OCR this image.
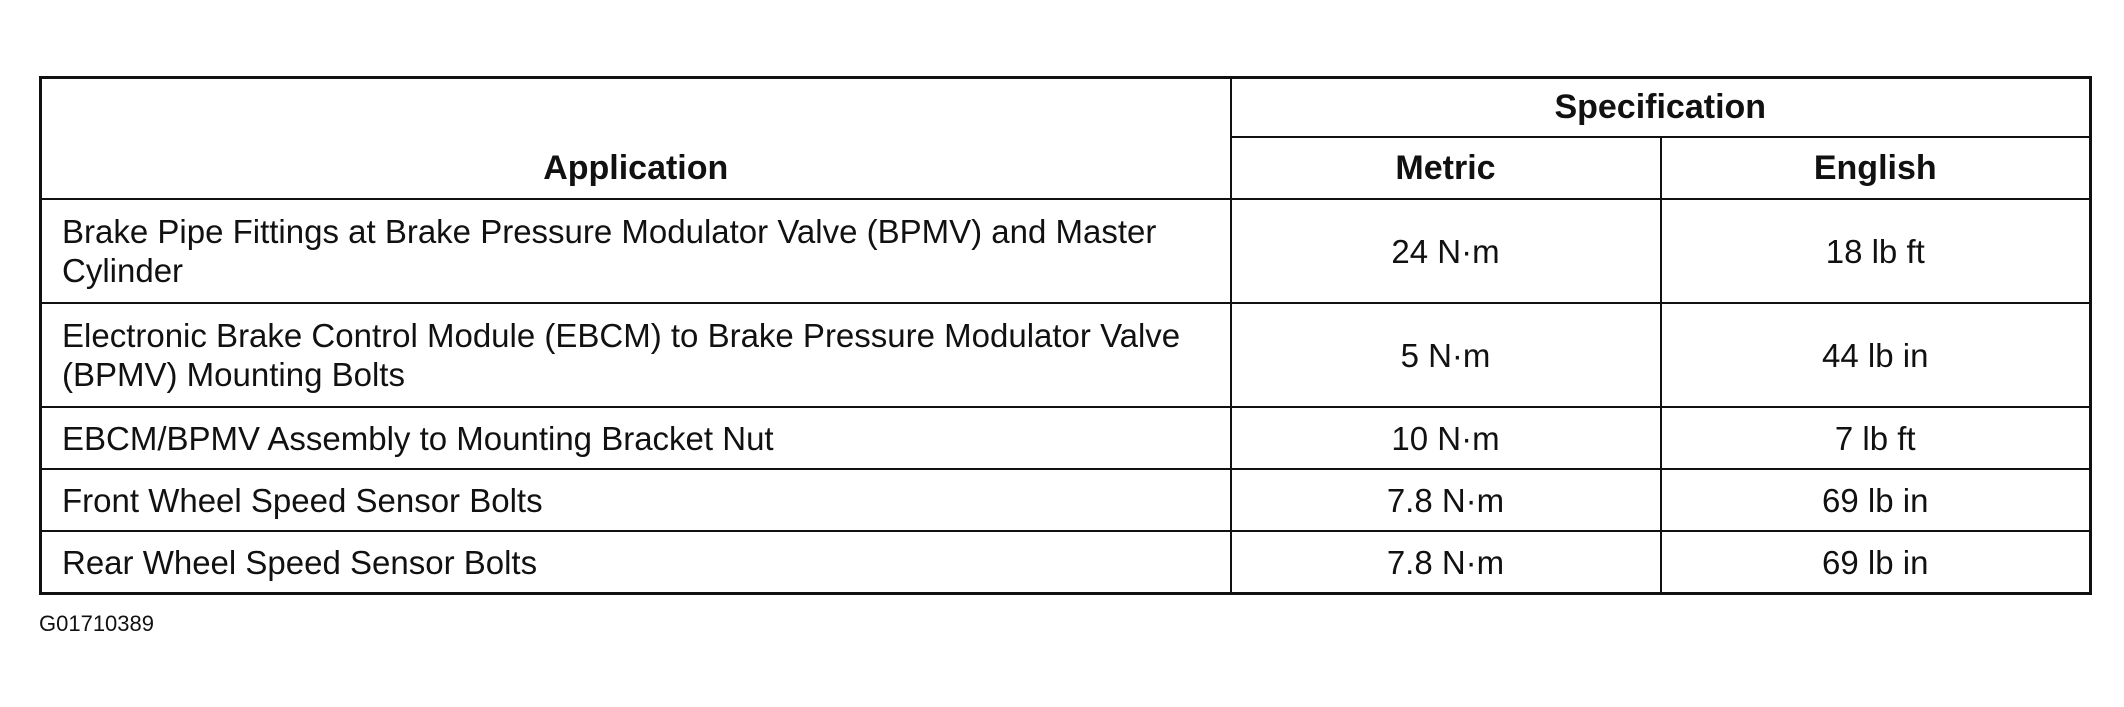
Application	Specification	
	Metric	English
Brake Pipe Fittings at Brake Pressure Modulator Valve (BPMV) and Master Cylinder	24 N·m	18 lb ft
Electronic Brake Control Module (EBCM) to Brake Pressure Modulator Valve (BPMV) Mounting Bolts	5 N·m	44 lb in
EBCM/BPMV Assembly to Mounting Bracket Nut	10 N·m	7 lb ft
Front Wheel Speed Sensor Bolts	7.8 N·m	69 lb in
Rear Wheel Speed Sensor Bolts	7.8 N·m	69 lb in
G01710389
